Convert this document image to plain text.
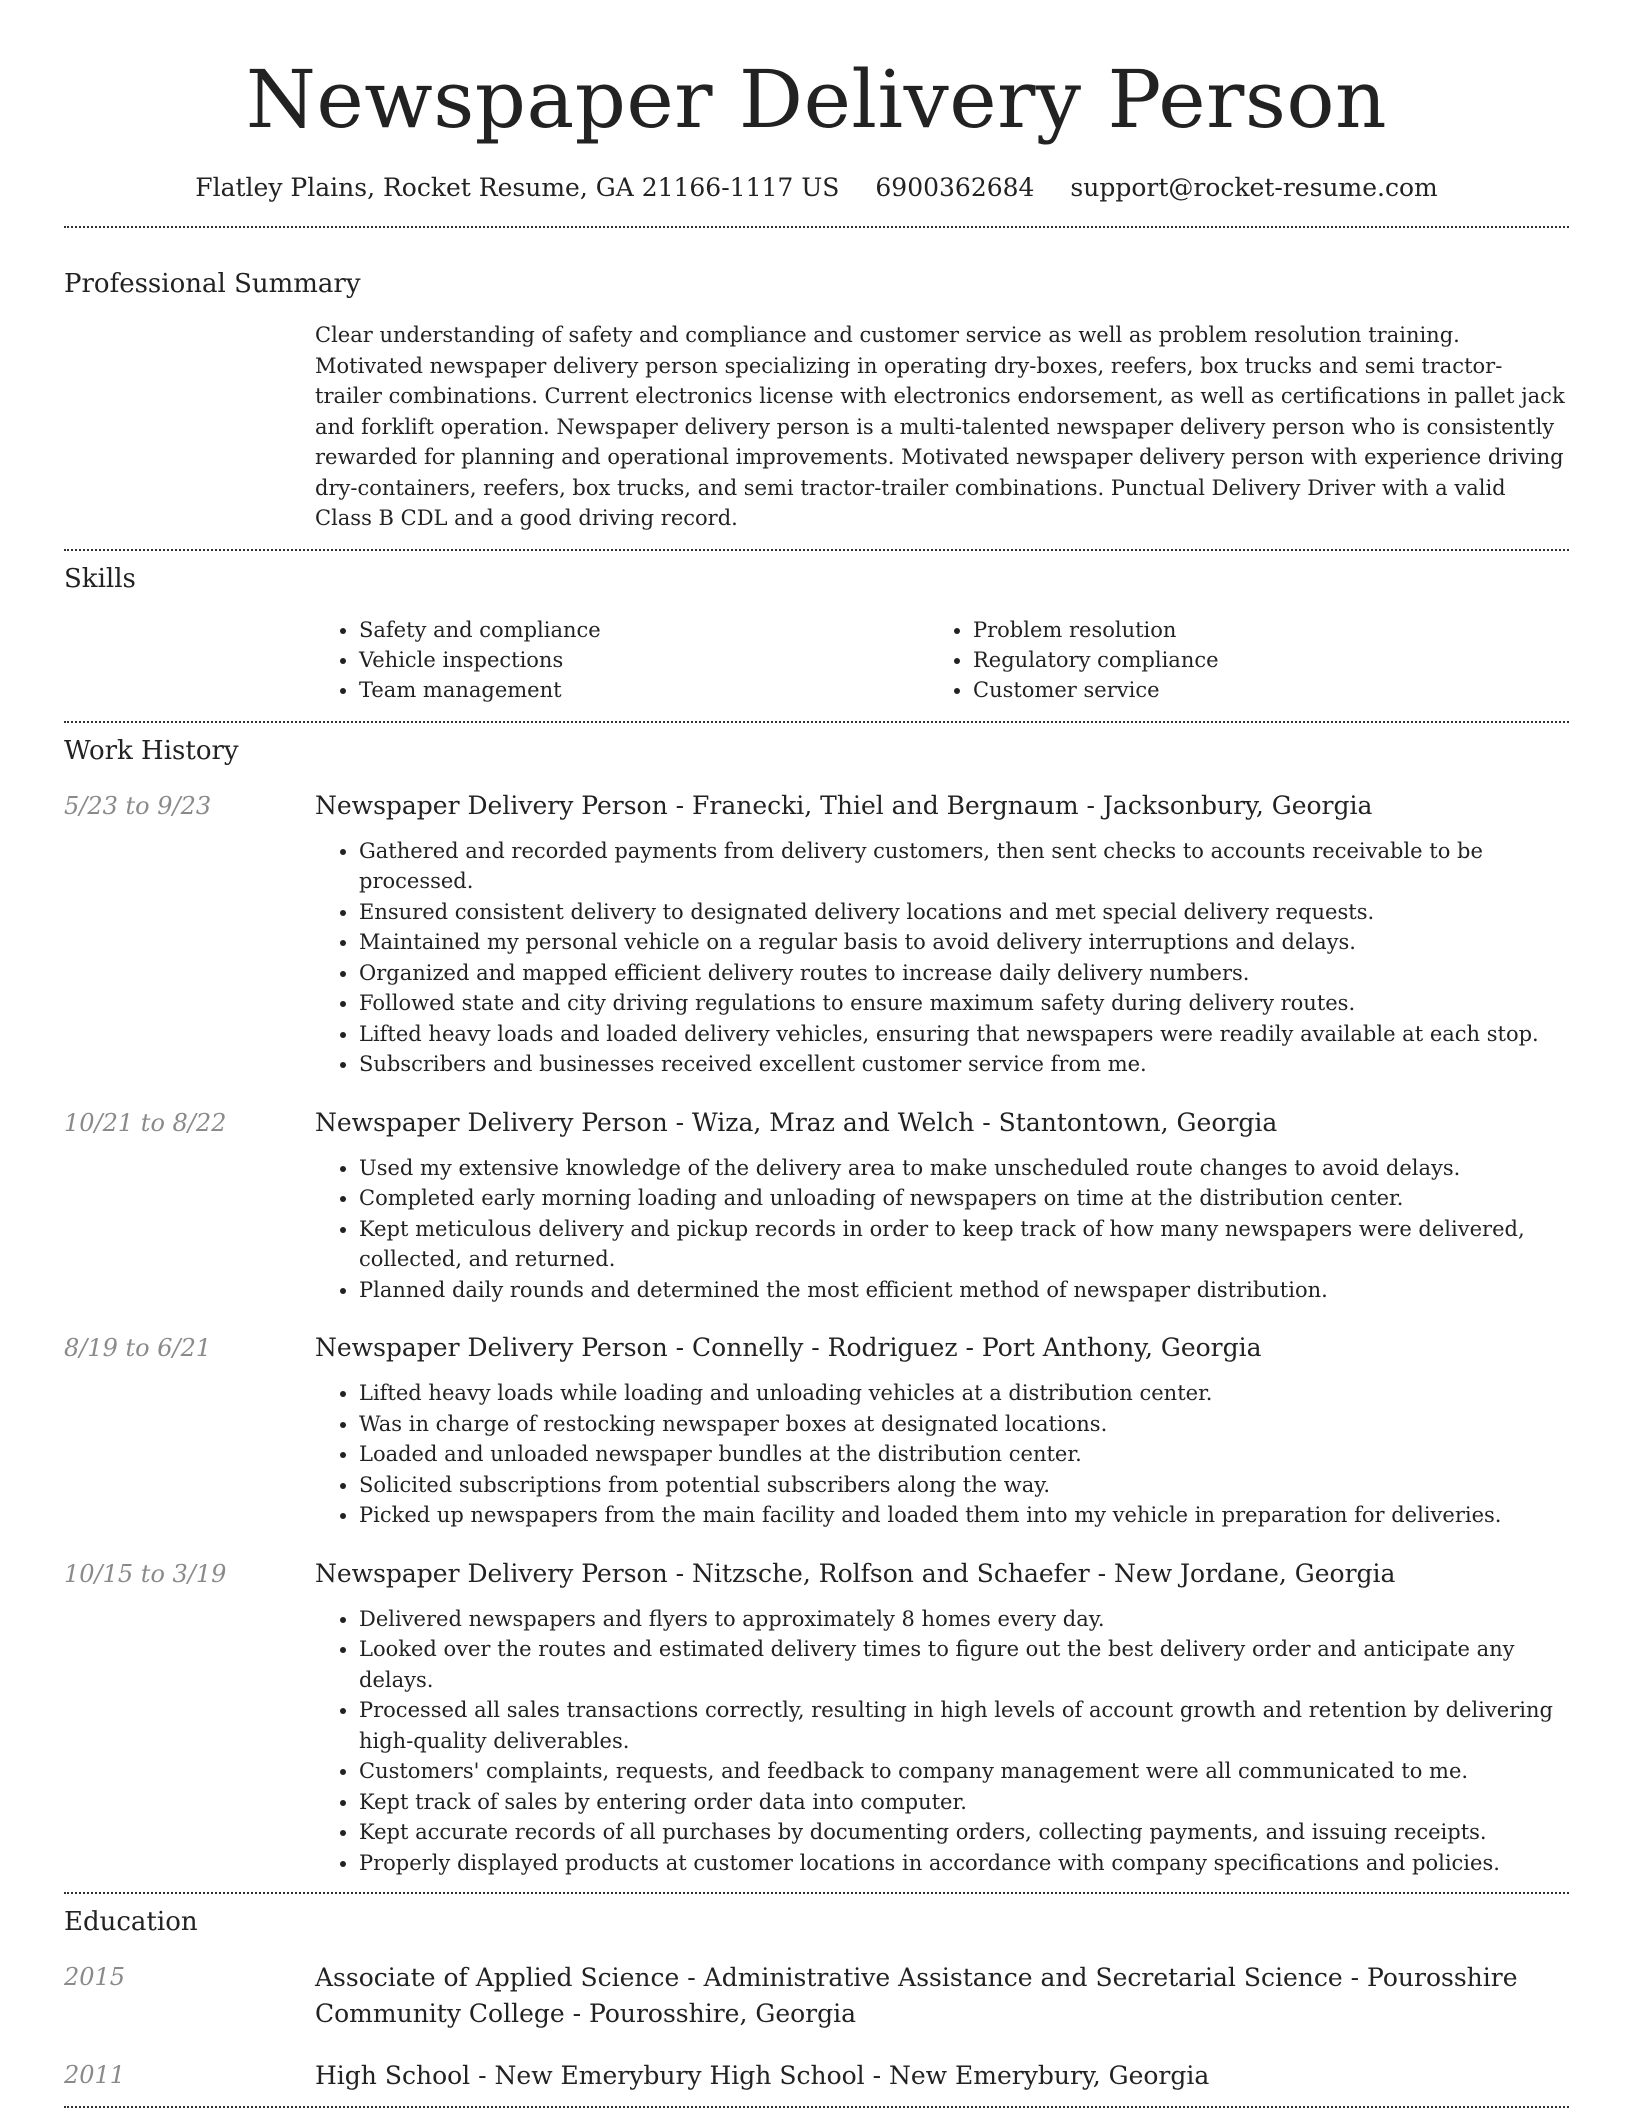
Newspaper Delivery Person
Flatley Plains, Rocket Resume, GA 21166-1117 US 6900362684 support@rocket-resume.com
Professional Summary

Clear understanding of safety and compliance and customer service as well as problem resolution training. Motivated newspaper delivery person specializing in operating dry-boxes, reefers, box trucks and semi tractor-trailer combinations. Current electronics license with electronics endorsement, as well as certifications in pallet jack and forklift operation. Newspaper delivery person is a multi-talented newspaper delivery person who is consistently rewarded for planning and operational improvements. Motivated newspaper delivery person with experience driving dry-containers, reefers, box trucks, and semi tractor-trailer combinations. Punctual Delivery Driver with a valid Class B CDL and a good driving record.

Skills
• Safety and compliance
• Vehicle inspections
• Team management
• Problem resolution
• Regulatory compliance
• Customer service
Work History
5/23 to 9/23	Newspaper Delivery Person - Franecki, Thiel and Bergnaum - Jacksonbury, Georgia

• Gathered and recorded payments from delivery customers, then sent checks to accounts receivable to be processed.
• Ensured consistent delivery to designated delivery locations and met special delivery requests.
• Maintained my personal vehicle on a regular basis to avoid delivery interruptions and delays.
• Organized and mapped efficient delivery routes to increase daily delivery numbers.
• Followed state and city driving regulations to ensure maximum safety during delivery routes.
• Lifted heavy loads and loaded delivery vehicles, ensuring that newspapers were readily available at each stop.
• Subscribers and businesses received excellent customer service from me.
10/21 to 8/22	Newspaper Delivery Person - Wiza, Mraz and Welch - Stantontown, Georgia

• Used my extensive knowledge of the delivery area to make unscheduled route changes to avoid delays.
• Completed early morning loading and unloading of newspapers on time at the distribution center.
• Kept meticulous delivery and pickup records in order to keep track of how many newspapers were delivered, collected, and returned.
• Planned daily rounds and determined the most efficient method of newspaper distribution.
8/19 to 6/21	Newspaper Delivery Person - Connelly - Rodriguez - Port Anthony, Georgia

• Lifted heavy loads while loading and unloading vehicles at a distribution center.
• Was in charge of restocking newspaper boxes at designated locations.
• Loaded and unloaded newspaper bundles at the distribution center.
• Solicited subscriptions from potential subscribers along the way.
• Picked up newspapers from the main facility and loaded them into my vehicle in preparation for deliveries.
10/15 to 3/19	Newspaper Delivery Person - Nitzsche, Rolfson and Schaefer - New Jordane, Georgia

• Delivered newspapers and flyers to approximately 8 homes every day.
• Looked over the routes and estimated delivery times to figure out the best delivery order and anticipate any delays.
• Processed all sales transactions correctly, resulting in high levels of account growth and retention by delivering high-quality deliverables.
• Customers' complaints, requests, and feedback to company management were all communicated to me.
• Kept track of sales by entering order data into computer.
• Kept accurate records of all purchases by documenting orders, collecting payments, and issuing receipts.
• Properly displayed products at customer locations in accordance with company specifications and policies.
Education
2015	Associate of Applied Science - Administrative Assistance and Secretarial Science - Pourosshire Community College - Pourosshire, Georgia

2011	High School - New Emerybury High School - New Emerybury, Georgia
